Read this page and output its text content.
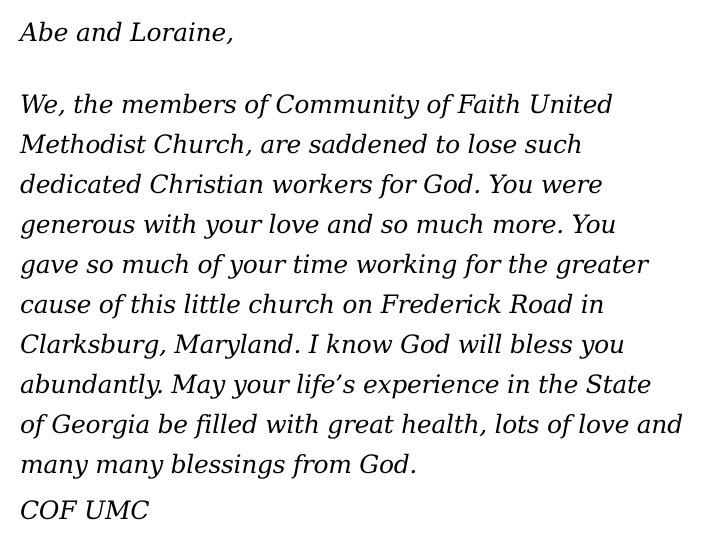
Abe and Loraine,
We, the members of Community of Faith United
Methodist Church, are saddened to lose such
dedicated Christian workers for God. You were
generous with your love and so much more. You
gave so much of your time working for the greater
cause of this little church on Frederick Road in
Clarksburg, Maryland. I know God will bless you
abundantly. May your life’s experience in the State
of Georgia be filled with great health, lots of love and
many many blessings from God.
COF UMC
